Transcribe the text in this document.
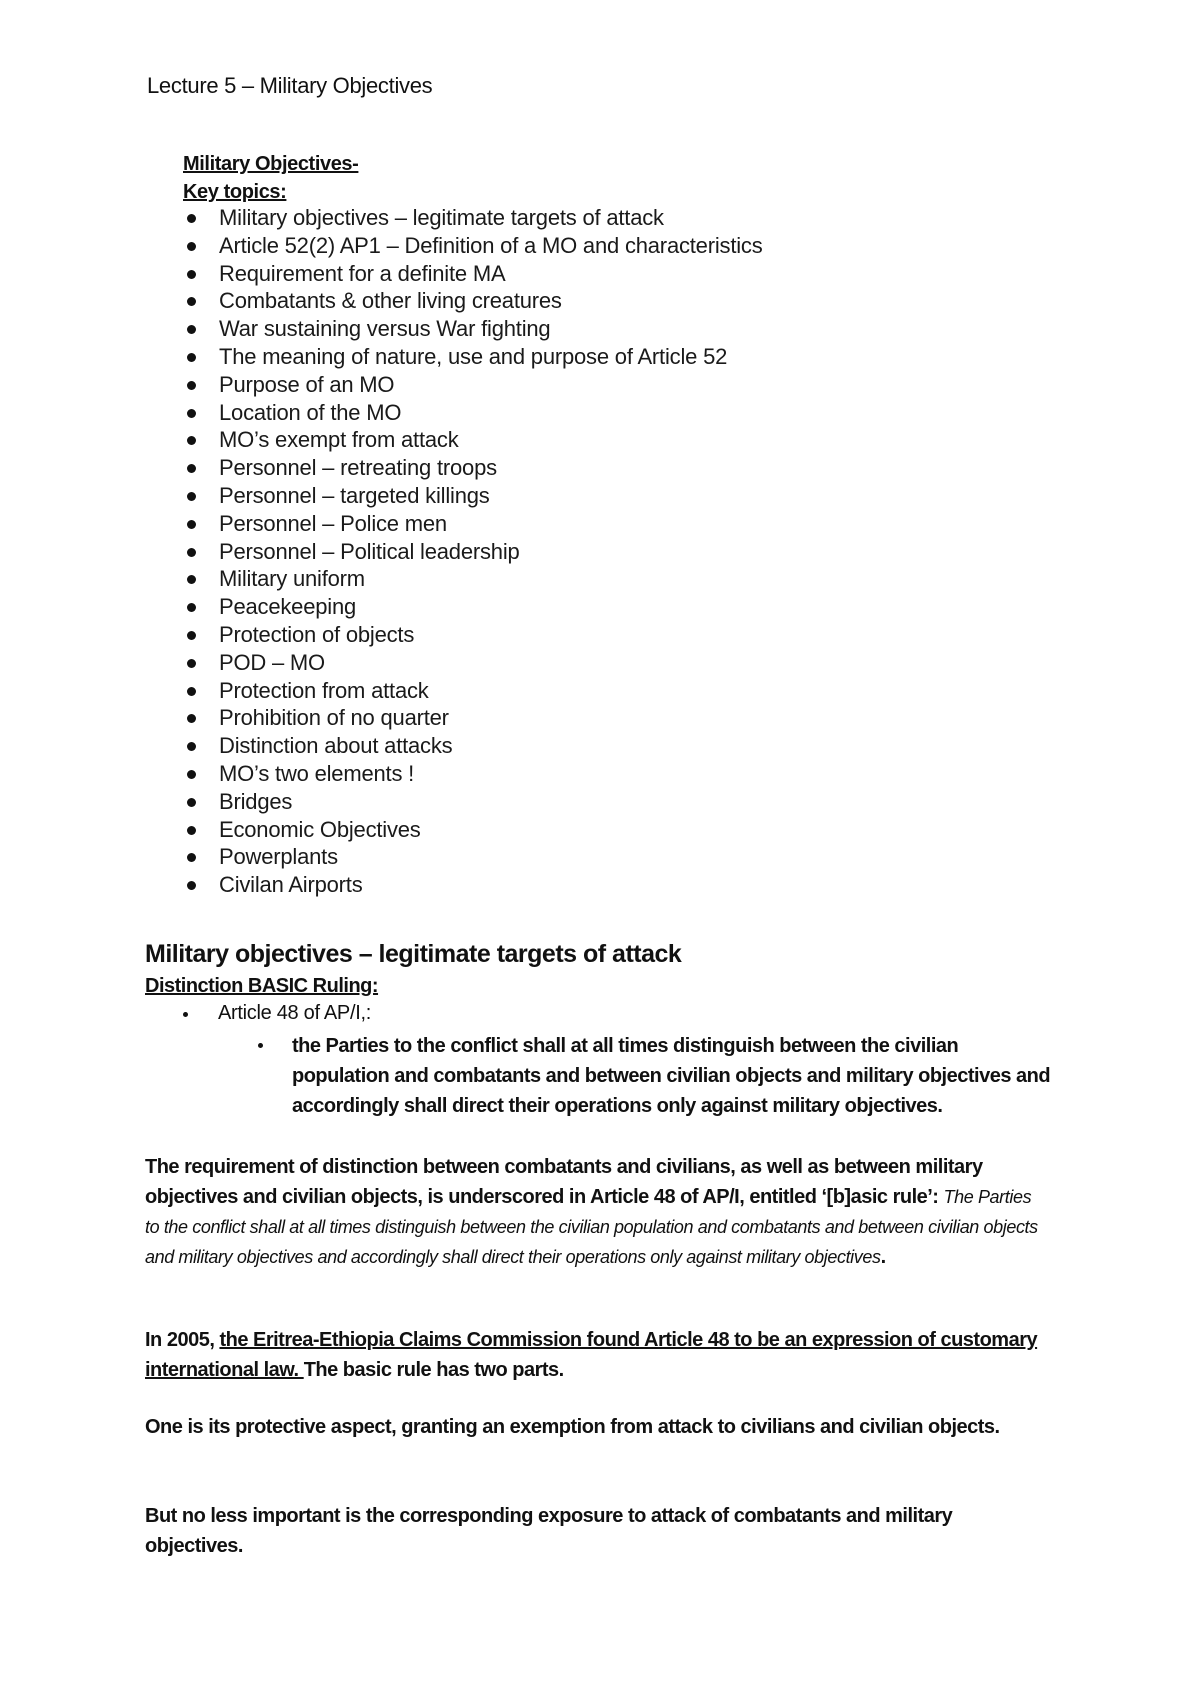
Lecture 5 – Military Objectives
Military Objectives-
Key topics:
Military objectives – legitimate targets of attack
Article 52(2) AP1 – Definition of a MO and characteristics
Requirement for a definite MA
Combatants & other living creatures
War sustaining versus War fighting
The meaning of nature, use and purpose of Article 52
Purpose of an MO
Location of the MO
MO’s exempt from attack
Personnel – retreating troops
Personnel – targeted killings
Personnel – Police men
Personnel – Political leadership
Military uniform
Peacekeeping
Protection of objects
POD – MO
Protection from attack
Prohibition of no quarter
Distinction about attacks
MO’s two elements !
Bridges
Economic Objectives
Powerplants
Civilan Airports
Military objectives – legitimate targets of attack
Distinction BASIC Ruling:
Article 48 of AP/I,:
the Parties to the conflict shall at all times distinguish between the civilian population and combatants and between civilian objects and military objectives and accordingly shall direct their operations only against military objectives.
The requirement of distinction between combatants and civilians, as well as between military objectives and civilian objects, is underscored in Article 48 of AP/I, entitled ‘[b]asic rule’: The Parties to the conflict shall at all times distinguish between the civilian population and combatants and between civilian objects and military objectives and accordingly shall direct their operations only against military objectives.
In 2005, the Eritrea-Ethiopia Claims Commission found Article 48 to be an expression of customary international law. The basic rule has two parts.
One is its protective aspect, granting an exemption from attack to civilians and civilian objects.
But no less important is the corresponding exposure to attack of combatants and military objectives.
